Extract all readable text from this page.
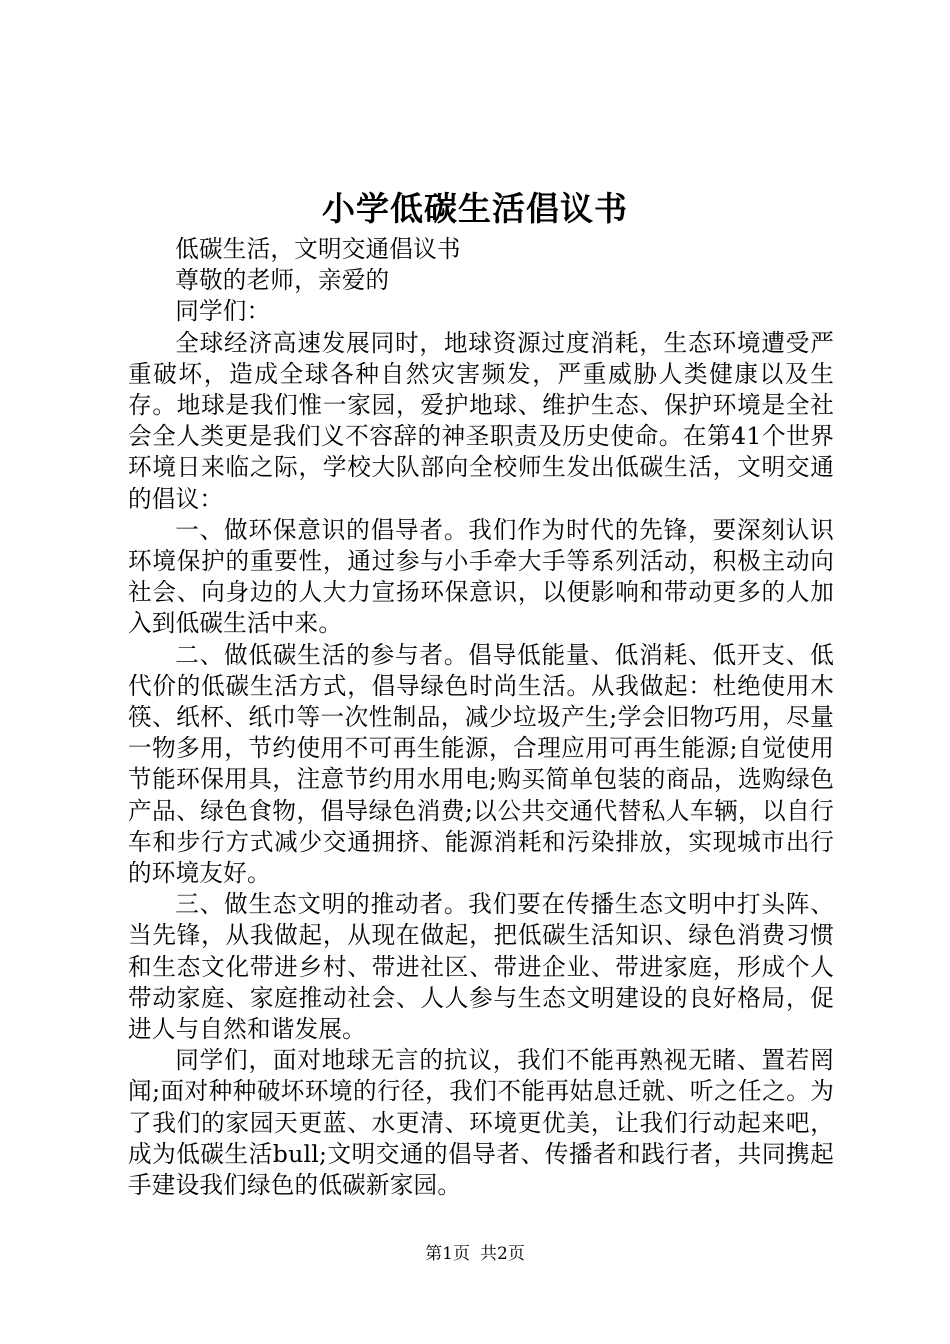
小学低碳生活倡议书

低碳生活，文明交通倡议书

尊敬的老师，亲爱的

同学们：

全球经济高速发展同时，地球资源过度消耗，生态环境遭受严重破坏，造成全球各种自然灾害频发，严重威胁人类健康以及生存。地球是我们惟一家园，爱护地球、维护生态、保护环境是全社会全人类更是我们义不容辞的神圣职责及历史使命。在第41个世界环境日来临之际，学校大队部向全校师生发出低碳生活，文明交通的倡议：

一、做环保意识的倡导者。我们作为时代的先锋，要深刻认识环境保护的重要性，通过参与小手牵大手等系列活动，积极主动向社会、向身边的人大力宣扬环保意识，以便影响和带动更多的人加入到低碳生活中来。

二、做低碳生活的参与者。倡导低能量、低消耗、低开支、低代价的低碳生活方式，倡导绿色时尚生活。从我做起：杜绝使用木筷、纸杯、纸巾等一次性制品，减少垃圾产生;学会旧物巧用，尽量一物多用，节约使用不可再生能源，合理应用可再生能源;自觉使用节能环保用具，注意节约用水用电;购买简单包装的商品，选购绿色产品、绿色食物，倡导绿色消费;以公共交通代替私人车辆，以自行车和步行方式减少交通拥挤、能源消耗和污染排放，实现城市出行的环境友好。

三、做生态文明的推动者。我们要在传播生态文明中打头阵、当先锋，从我做起，从现在做起，把低碳生活知识、绿色消费习惯和生态文化带进乡村、带进社区、带进企业、带进家庭，形成个人带动家庭、家庭推动社会、人人参与生态文明建设的良好格局，促进人与自然和谐发展。

同学们，面对地球无言的抗议，我们不能再熟视无睹、置若罔闻;面对种种破坏环境的行径，我们不能再姑息迁就、听之任之。为了我们的家园天更蓝、水更清、环境更优美，让我们行动起来吧，成为低碳生活bull;文明交通的倡导者、传播者和践行者，共同携起手建设我们绿色的低碳新家园。

第1页 共2页
